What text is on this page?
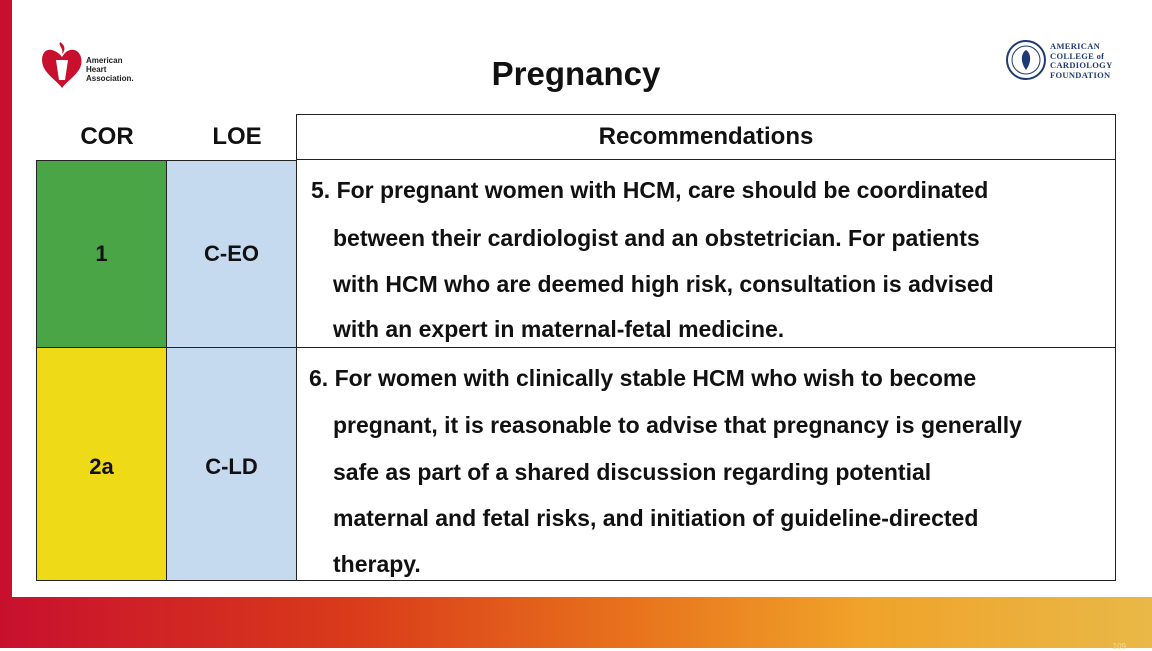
American
Heart
Association.
AMERICAN
COLLEGE of
CARDIOLOGY
FOUNDATION
Pregnancy
COR	LOE	Recommendations
1	C-EO
5. For pregnant women with HCM, care should be coordinated
between their cardiologist and an obstetrician. For patients
with HCM who are deemed high risk, consultation is advised
with an expert in maternal-fetal medicine.
2a	C-LD
6. For women with clinically stable HCM who wish to become
pregnant, it is reasonable to advise that pregnancy is generally
safe as part of a shared discussion regarding potential
maternal and fetal risks, and initiation of guideline-directed
therapy.
109
